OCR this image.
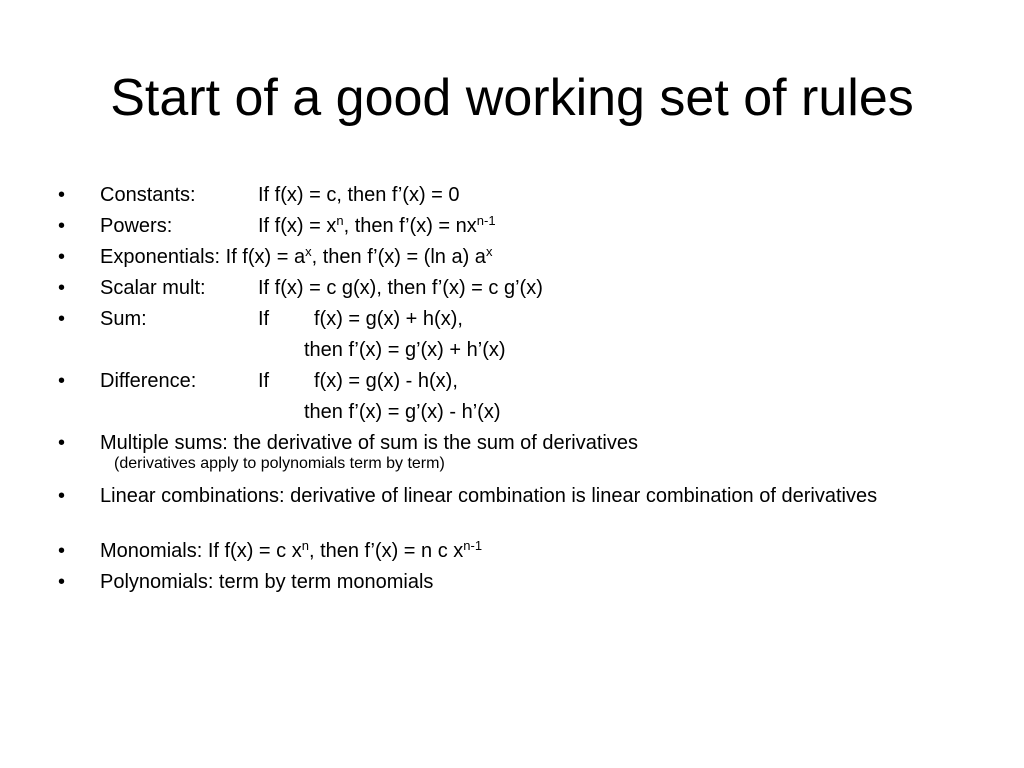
Start of a good working set of rules
•	Constants:	If f(x) = c, then f’(x) = 0
•	Powers:	If $f(x) = x^n$, then f’(x) = $nx^{n-1}$
•	Exponentials: If $f(x) = a^x$, then f’(x) = (ln a) $a^x$
•	Scalar mult:	If f(x) = c g(x), then f’(x) = c g’(x)
•	Sum:	If f(x) = g(x) + h(x),
then f’(x) = g’(x) + h’(x)
•	Difference:	If f(x) = g(x) - h(x),
then f’(x) = g’(x) - h’(x)
•	Multiple sums: the derivative of sum is the sum of derivatives
(derivatives apply to polynomials term by term)
•	Linear combinations: derivative of linear combination is linear combination of derivatives
•	Monomials: If f(x) = c $x^n$, then f’(x) = n c $x^{n-1}$
•	Polynomials: term by term monomials
